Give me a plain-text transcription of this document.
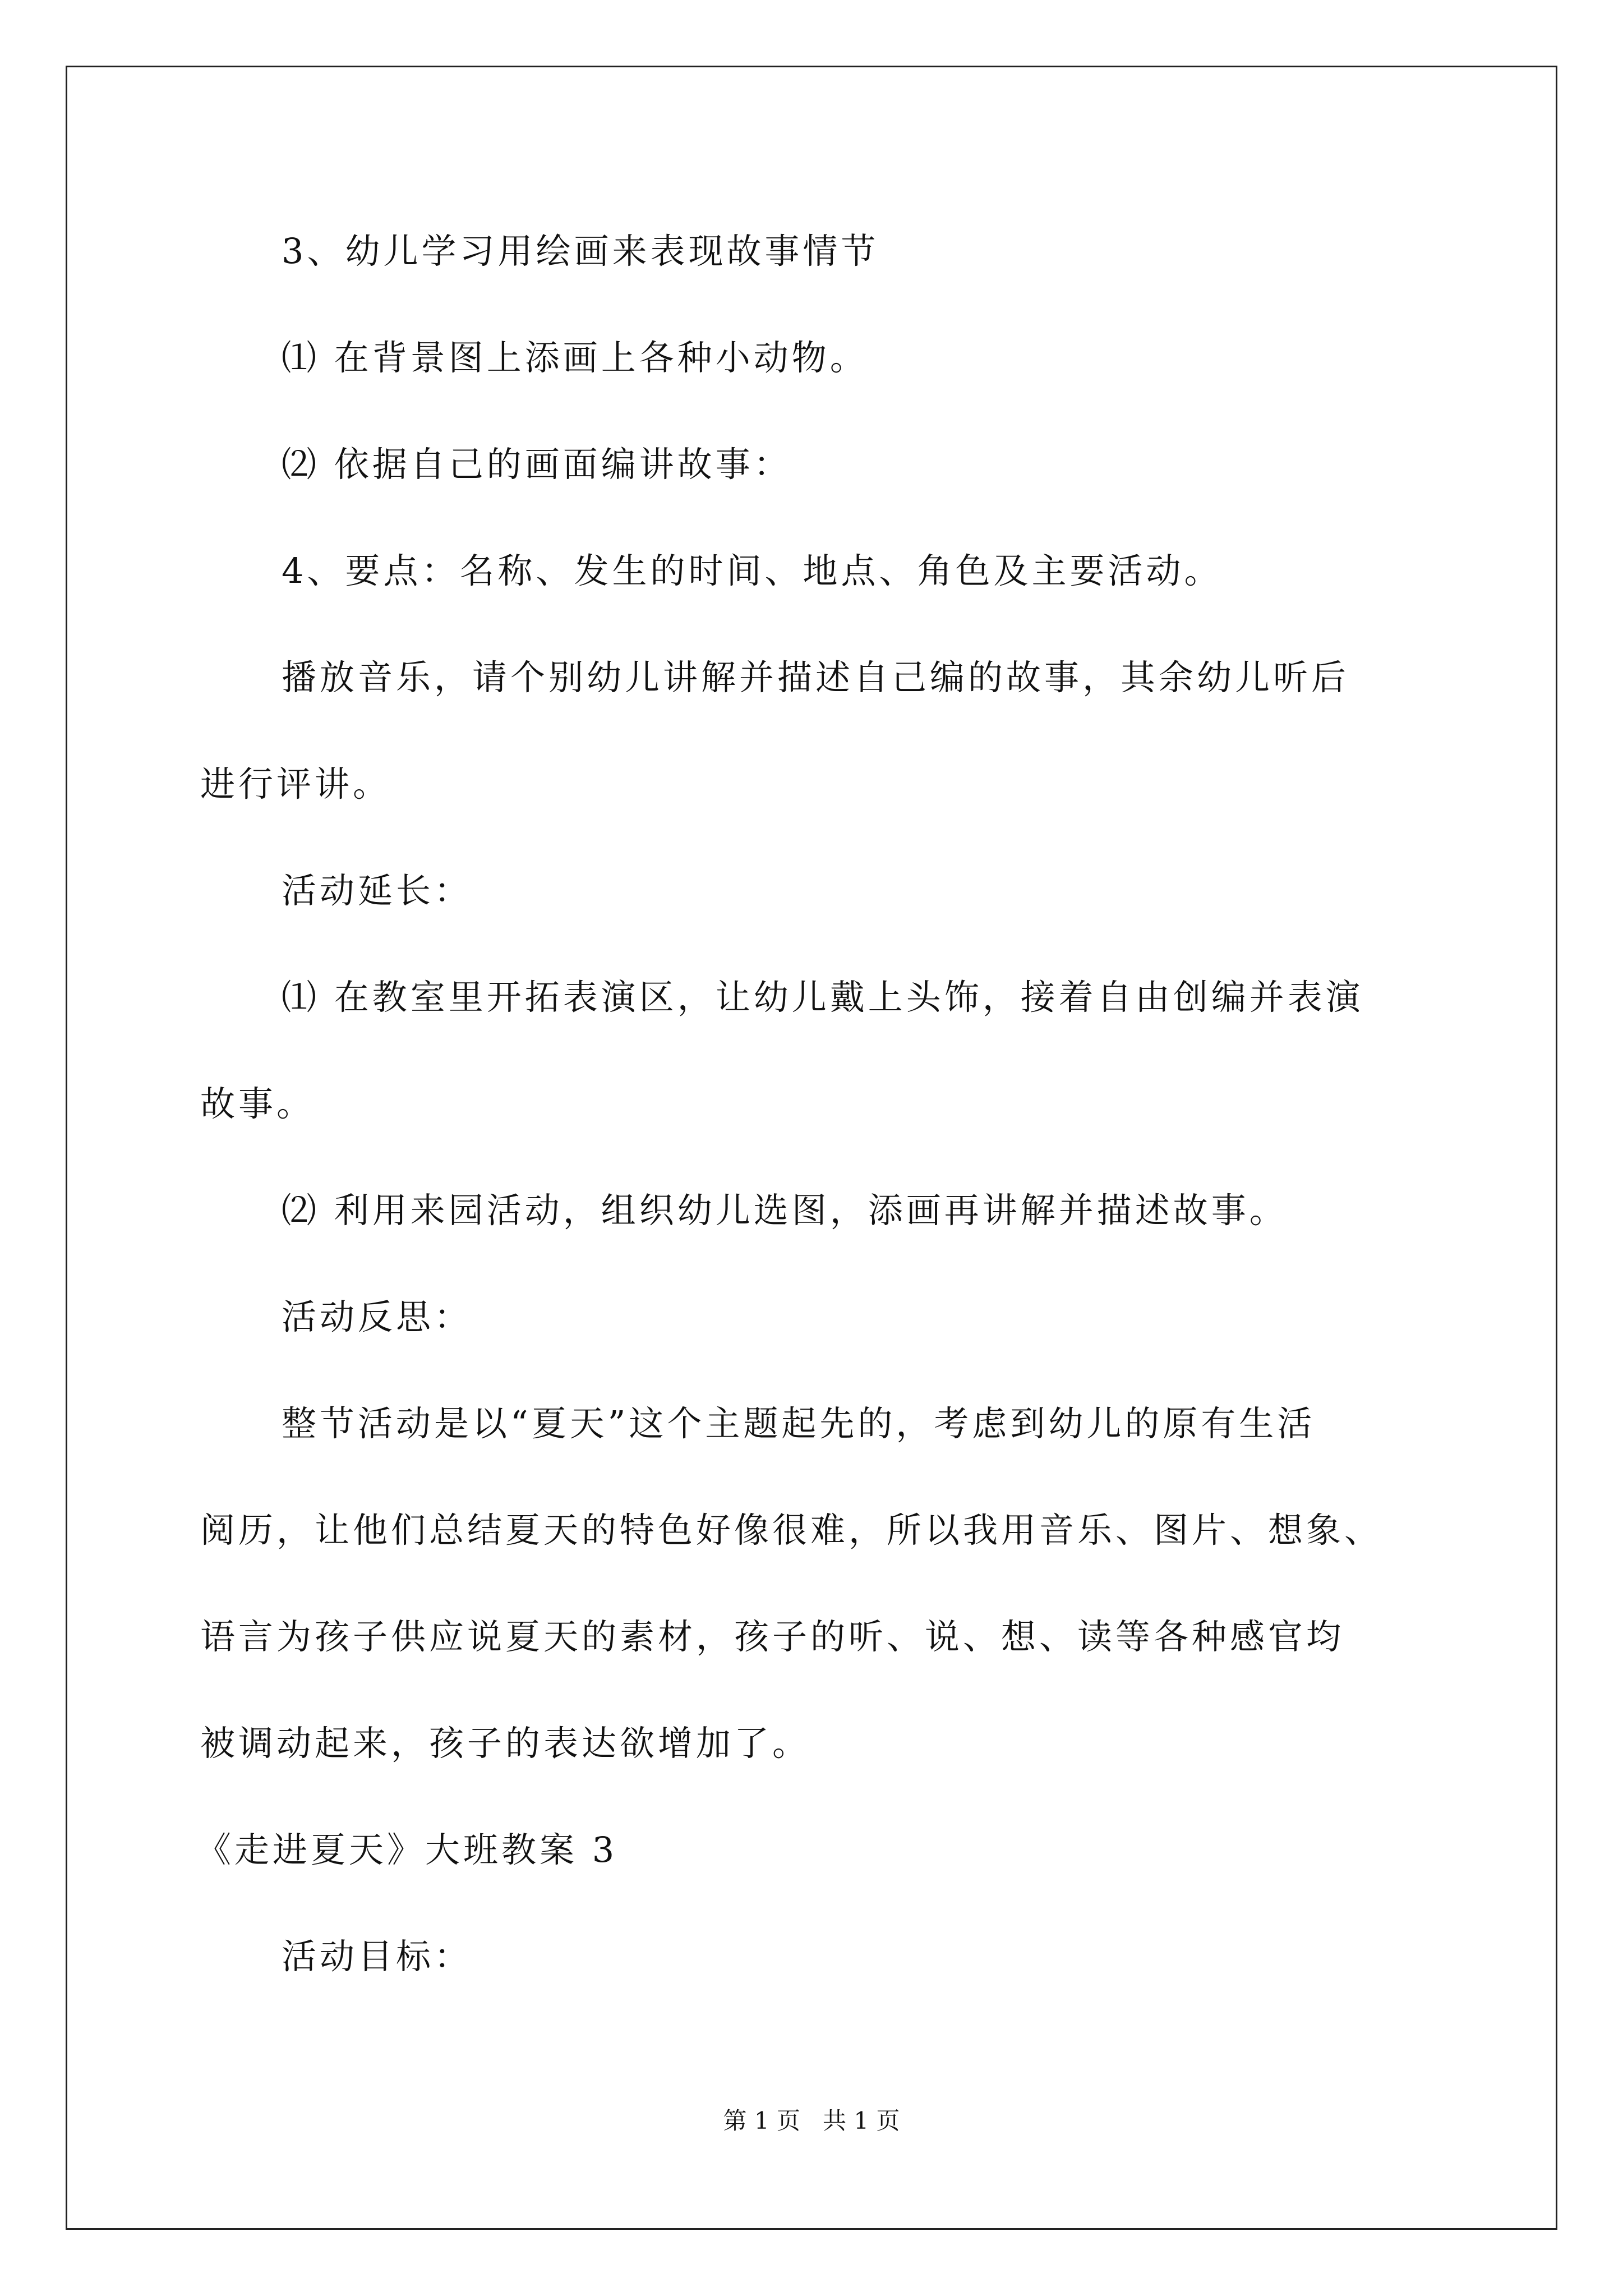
3、幼儿学习用绘画来表现故事情节
⑴ 在背景图上添画上各种小动物。
⑵ 依据自己的画面编讲故事：
4、要点：名称、发生的时间、地点、角色及主要活动。
播放音乐，请个别幼儿讲解并描述自己编的故事，其余幼儿听后
进行评讲。
活动延长：
⑴ 在教室里开拓表演区，让幼儿戴上头饰，接着自由创编并表演
故事。
⑵ 利用来园活动，组织幼儿选图，添画再讲解并描述故事。
活动反思：
整节活动是以“夏天”这个主题起先的，考虑到幼儿的原有生活
阅历，让他们总结夏天的特色好像很难，所以我用音乐、图片、想象、
语言为孩子供应说夏天的素材，孩子的听、说、想、读等各种感官均
被调动起来，孩子的表达欲增加了。
《走进夏天》大班教案 3
活动目标：
第 1 页   共 1 页
